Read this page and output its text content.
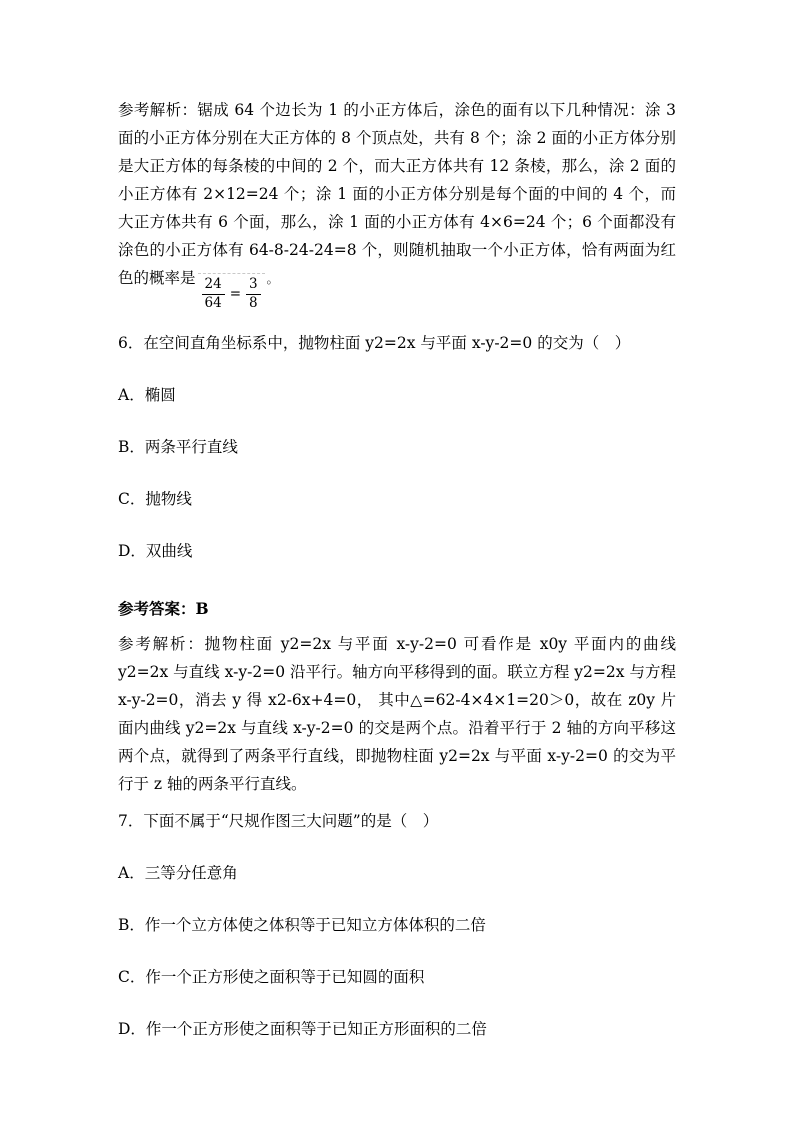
参考解析：锯成 64 个边长为 1 的小正方体后，涂色的面有以下几种情况：涂 3 面的小正方体分别在大正方体的 8 个顶点处，共有 8 个；涂 2 面的小正方体分别是大正方体的每条棱的中间的 2 个，而大正方体共有 12 条棱，那么，涂 2 面的小正方体有 2×12=24 个；涂 1 面的小正方体分别是每个面的中间的 4 个，而大正方体共有 6 个面，那么，涂 1 面的小正方体有 4×6=24 个；6 个面都没有涂色的小正方体有 64-8-24-24=8 个，则随机抽取一个小正方体，恰有两面为红色的概率是 $\frac{24}{64} = \frac{3}{8}$ 。

6．在空间直角坐标系中，抛物柱面 y2=2x 与平面 x-y-2=0 的交为（　）

A．椭圆

B．两条平行直线

C．抛物线

D．双曲线

参考答案：B

参考解析：抛物柱面 y2=2x 与平面 x-y-2=0 可看作是 x0y 平面内的曲线 y2=2x 与直线 x-y-2=0 沿平行。轴方向平移得到的面。联立方程 y2=2x 与方程 x-y-2=0，消去 y 得 x2-6x+4=0， 其中△=62-4×4×1=20＞0，故在 z0y 片面内曲线 y2=2x 与直线 x-y-2=0 的交是两个点。沿着平行于 2 轴的方向平移这两个点，就得到了两条平行直线，即抛物柱面 y2=2x 与平面 x-y-2=0 的交为平行于 z 轴的两条平行直线。

7．下面不属于“尺规作图三大问题”的是（　）

A．三等分任意角

B．作一个立方体使之体积等于已知立方体体积的二倍

C．作一个正方形使之面积等于已知圆的面积

D．作一个正方形使之面积等于已知正方形面积的二倍
